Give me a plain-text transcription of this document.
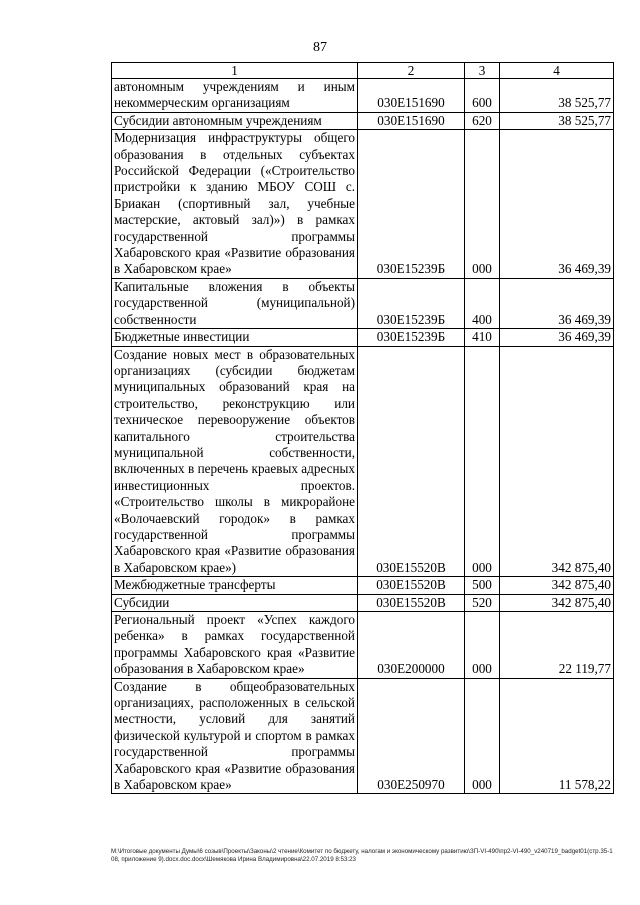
87
1	2	3	4
автономным учреждениям и иным некоммерческим организациям	030Е151690	600	38 525,77
Субсидии автономным учреждениям	030Е151690	620	38 525,77
Модернизация инфраструктуры общего образования в отдельных субъектах Российской Федерации («Строительство пристройки к зданию МБОУ СОШ с. Бриакан (спортивный зал, учебные мастерские, актовый зал)») в рамках государственной программы Хабаровского края «Развитие образования в Хабаровском крае»	030Е15239Б	000	36 469,39
Капитальные вложения в объекты государственной (муниципальной) собственности	030Е15239Б	400	36 469,39
Бюджетные инвестиции	030Е15239Б	410	36 469,39
Создание новых мест в образовательных организациях (субсидии бюджетам муниципальных образований края на строительство, реконструкцию или техническое перевооружение объектов капитального строительства муниципальной собственности, включенных в перечень краевых адресных инвестиционных проектов. «Строительство школы в микрорайоне «Волочаевский городок» в рамках государственной программы Хабаровского края «Развитие образования в Хабаровском крае»)	030Е15520В	000	342 875,40
Межбюджетные трансферты	030Е15520В	500	342 875,40
Субсидии	030Е15520В	520	342 875,40
Региональный проект «Успех каждого ребенка» в рамках государственной программы Хабаровского края «Развитие образования в Хабаровском крае»	030Е200000	000	22 119,77
Создание в общеобразовательных организациях, расположенных в сельской местности, условий для занятий физической культурой и спортом в рамках государственной программы Хабаровского края «Развитие образования в Хабаровском крае»	030Е250970	000	11 578,22
М:\Итоговые документы Думы\6 созыв\Проекты\Законы\2 чтение\Комитет по бюджету, налогам и экономическому развитию\ЗП-VI-490\пр2-VI-490_v240719_badget01(стр.35-108, приложение 9).docx.doc.docx\Шемякова Ирина Владимировна\22.07.2019 8:53:23
